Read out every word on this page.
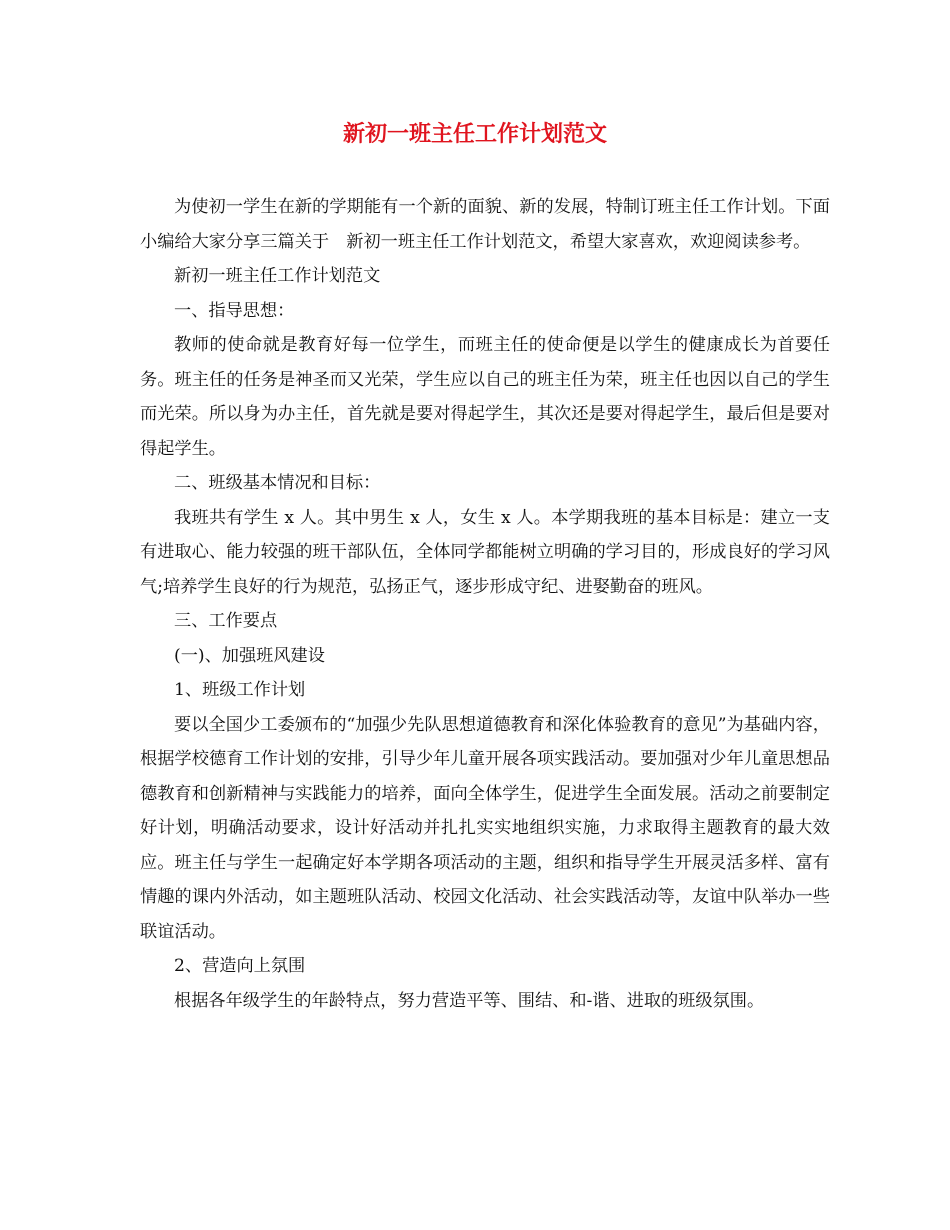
新初一班主任工作计划范文

为使初一学生在新的学期能有一个新的面貌、新的发展，特制订班主任工作计划。下面小编给大家分享三篇关于　新初一班主任工作计划范文，希望大家喜欢，欢迎阅读参考。

新初一班主任工作计划范文

一、指导思想：

教师的使命就是教育好每一位学生，而班主任的使命便是以学生的健康成长为首要任务。班主任的任务是神圣而又光荣，学生应以自己的班主任为荣，班主任也因以自己的学生而光荣。所以身为办主任，首先就是要对得起学生，其次还是要对得起学生，最后但是要对得起学生。

二、班级基本情况和目标：

我班共有学生 x 人。其中男生 x 人，女生 x 人。本学期我班的基本目标是：建立一支有进取心、能力较强的班干部队伍，全体同学都能树立明确的学习目的，形成良好的学习风气;培养学生良好的行为规范，弘扬正气，逐步形成守纪、进娶勤奋的班风。

三、工作要点

(一)、加强班风建设

1、班级工作计划

要以全国少工委颁布的“加强少先队思想道德教育和深化体验教育的意见”为基础内容，根据学校德育工作计划的安排，引导少年儿童开展各项实践活动。要加强对少年儿童思想品德教育和创新精神与实践能力的培养，面向全体学生，促进学生全面发展。活动之前要制定好计划，明确活动要求，设计好活动并扎扎实实地组织实施，力求取得主题教育的最大效应。班主任与学生一起确定好本学期各项活动的主题，组织和指导学生开展灵活多样、富有情趣的课内外活动，如主题班队活动、校园文化活动、社会实践活动等，友谊中队举办一些联谊活动。

2、营造向上氛围

根据各年级学生的年龄特点，努力营造平等、围结、和-谐、进取的班级氛围。
